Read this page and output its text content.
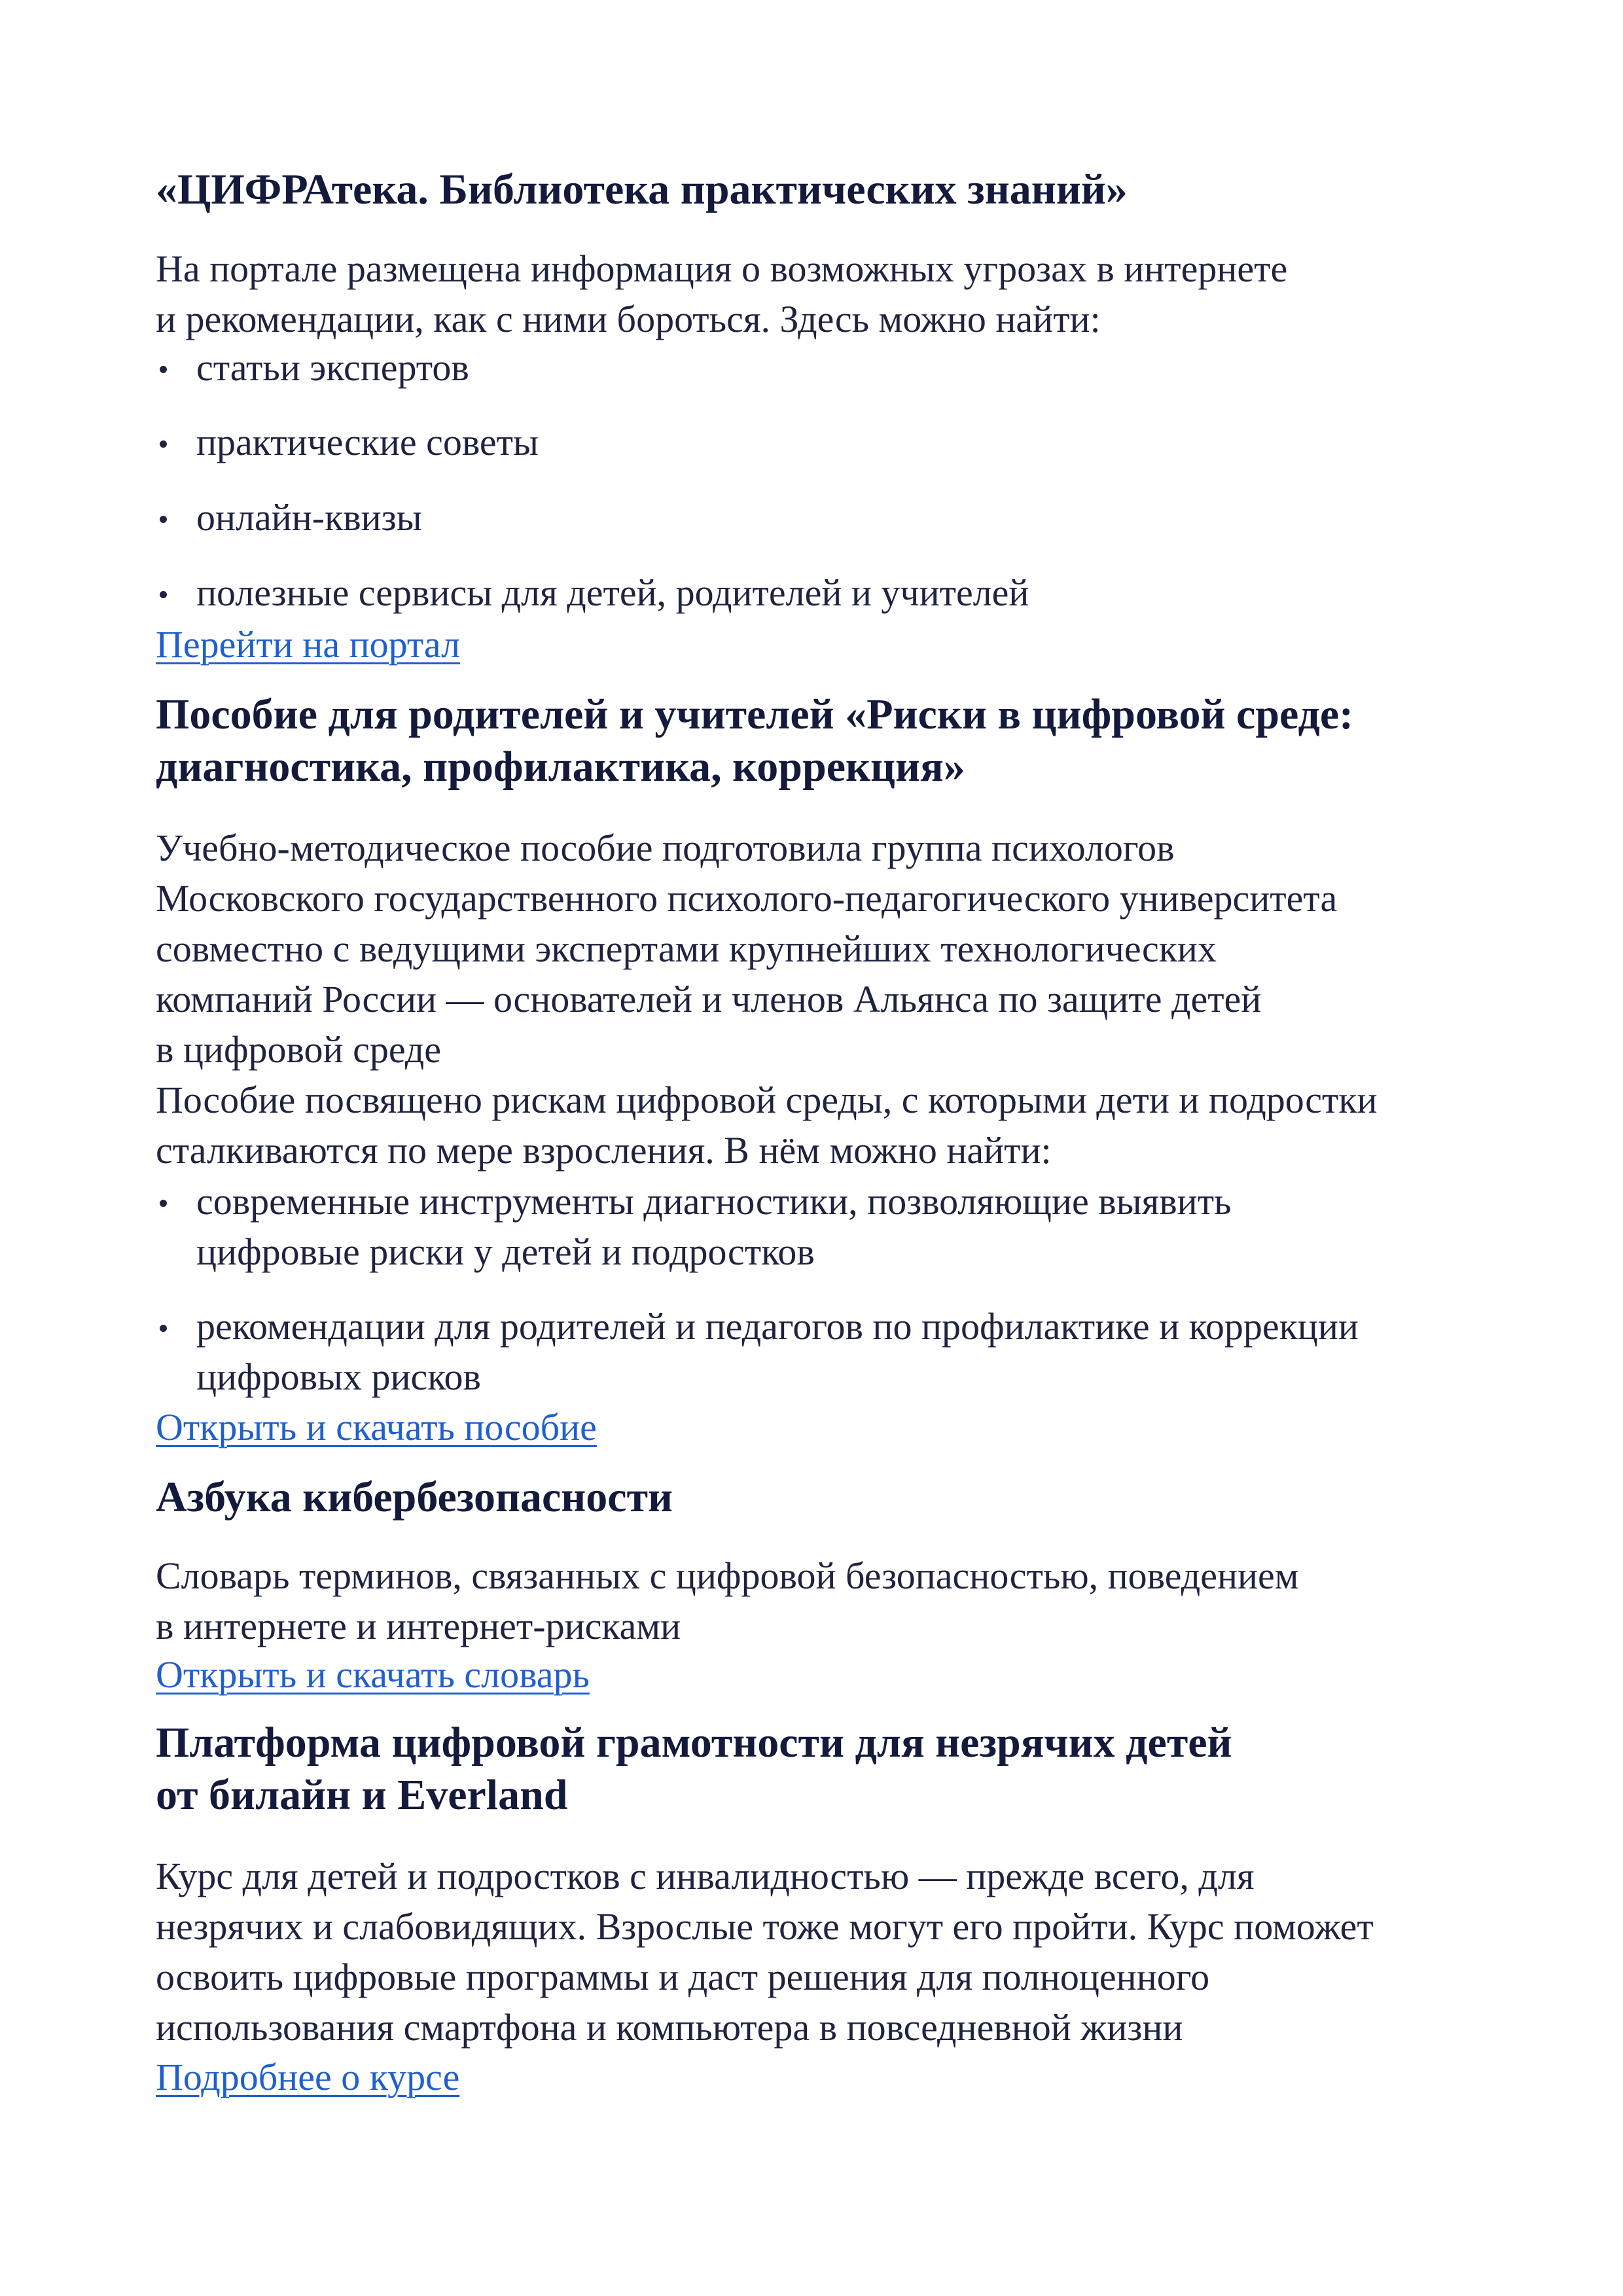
«ЦИФРАтека. Библиотека практических знаний»

На портале размещена информация о возможных угрозах в интернете
и рекомендации, как с ними бороться. Здесь можно найти:

статьи экспертов
практические советы
онлайн-квизы
полезные сервисы для детей, родителей и учителей
Перейти на портал
Пособие для родителей и учителей «Риски в цифровой среде:
диагностика, профилактика, коррекция»

Учебно-методическое пособие подготовила группа психологов
Московского государственного психолого-педагогического университета
совместно с ведущими экспертами крупнейших технологических
компаний России — основателей и членов Альянса по защите детей
в цифровой среде

Пособие посвящено рискам цифровой среды, с которыми дети и подростки
сталкиваются по мере взросления. В нём можно найти:

современные инструменты диагностики, позволяющие выявить
цифровые риски у детей и подростков
рекомендации для родителей и педагогов по профилактике и коррекции
цифровых рисков
Открыть и скачать пособие
Азбука кибербезопасности

Словарь терминов, связанных с цифровой безопасностью, поведением
в интернете и интернет-рисками

Открыть и скачать словарь
Платформа цифровой грамотности для незрячих детей
от билайн и Everland

Курс для детей и подростков с инвалидностью — прежде всего, для
незрячих и слабовидящих. Взрослые тоже могут его пройти. Курс поможет
освоить цифровые программы и даст решения для полноценного
использования смартфона и компьютера в повседневной жизни

Подробнее о курсе
